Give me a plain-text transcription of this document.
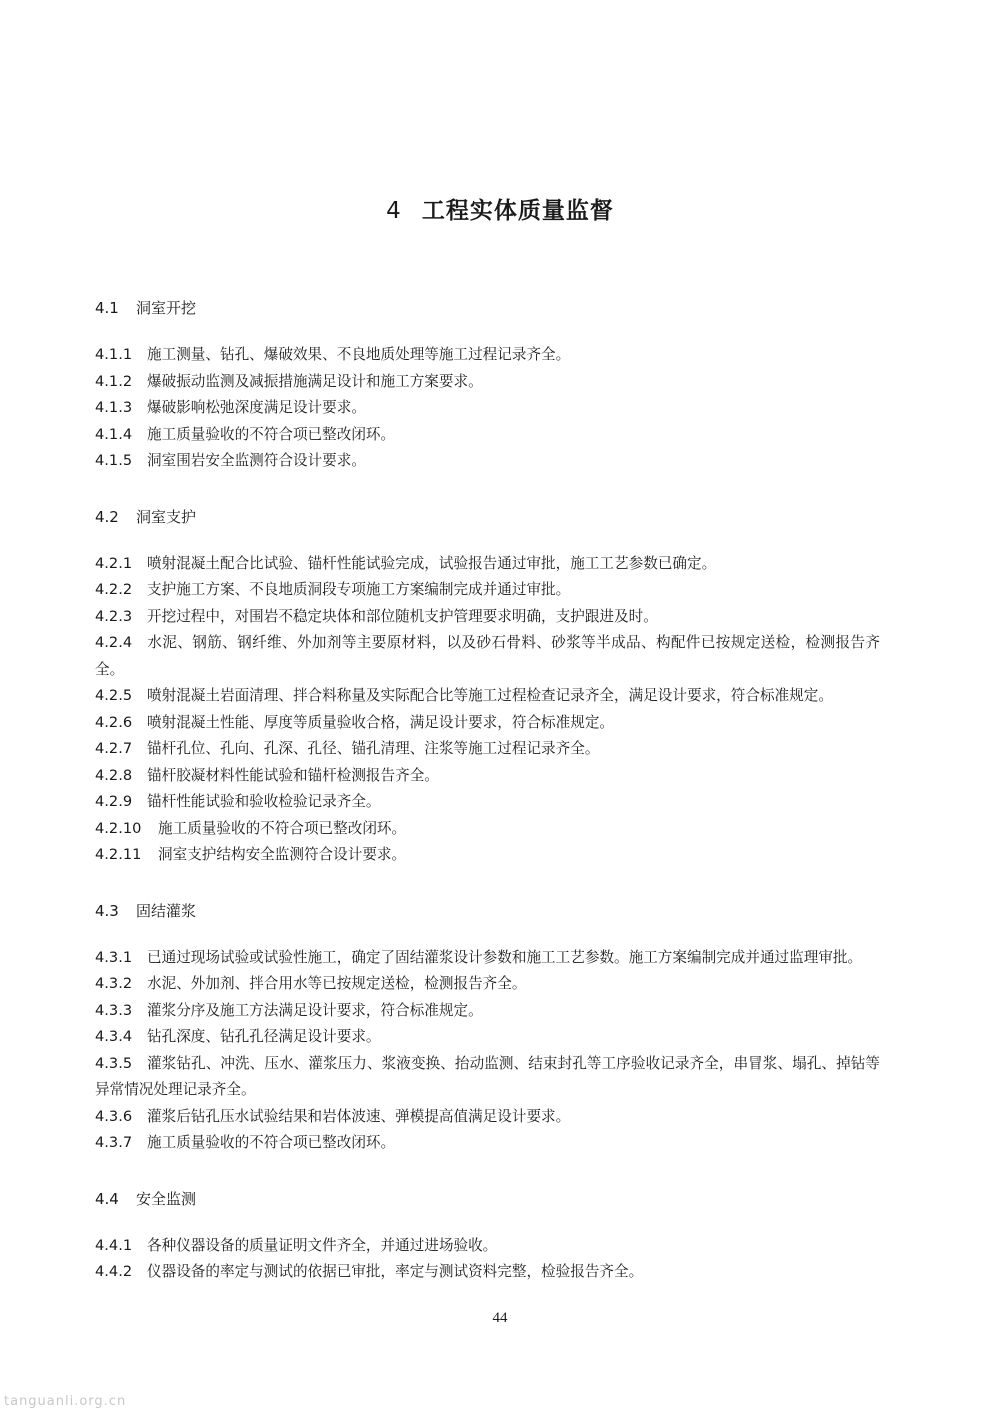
4 工程实体质量监督
4.1 洞室开挖
4.1.1 施工测量、钻孔、爆破效果、不良地质处理等施工过程记录齐全。
4.1.2 爆破振动监测及减振措施满足设计和施工方案要求。
4.1.3 爆破影响松弛深度满足设计要求。
4.1.4 施工质量验收的不符合项已整改闭环。
4.1.5 洞室围岩安全监测符合设计要求。
4.2 洞室支护
4.2.1 喷射混凝土配合比试验、锚杆性能试验完成，试验报告通过审批，施工工艺参数已确定。
4.2.2 支护施工方案、不良地质洞段专项施工方案编制完成并通过审批。
4.2.3 开挖过程中，对围岩不稳定块体和部位随机支护管理要求明确，支护跟进及时。
4.2.4 水泥、钢筋、钢纤维、外加剂等主要原材料，以及砂石骨料、砂浆等半成品、构配件已按规定送检，检测报告齐全。
4.2.5 喷射混凝土岩面清理、拌合料称量及实际配合比等施工过程检查记录齐全，满足设计要求，符合标准规定。
4.2.6 喷射混凝土性能、厚度等质量验收合格，满足设计要求，符合标准规定。
4.2.7 锚杆孔位、孔向、孔深、孔径、锚孔清理、注浆等施工过程记录齐全。
4.2.8 锚杆胶凝材料性能试验和锚杆检测报告齐全。
4.2.9 锚杆性能试验和验收检验记录齐全。
4.2.10 施工质量验收的不符合项已整改闭环。
4.2.11 洞室支护结构安全监测符合设计要求。
4.3 固结灌浆
4.3.1 已通过现场试验或试验性施工，确定了固结灌浆设计参数和施工工艺参数。施工方案编制完成并通过监理审批。
4.3.2 水泥、外加剂、拌合用水等已按规定送检，检测报告齐全。
4.3.3 灌浆分序及施工方法满足设计要求，符合标准规定。
4.3.4 钻孔深度、钻孔孔径满足设计要求。
4.3.5 灌浆钻孔、冲洗、压水、灌浆压力、浆液变换、抬动监测、结束封孔等工序验收记录齐全，串冒浆、塌孔、掉钻等异常情况处理记录齐全。
4.3.6 灌浆后钻孔压水试验结果和岩体波速、弹模提高值满足设计要求。
4.3.7 施工质量验收的不符合项已整改闭环。
4.4 安全监测
4.4.1 各种仪器设备的质量证明文件齐全，并通过进场验收。
4.4.2 仪器设备的率定与测试的依据已审批，率定与测试资料完整，检验报告齐全。
44
tanguanli.org.cn
